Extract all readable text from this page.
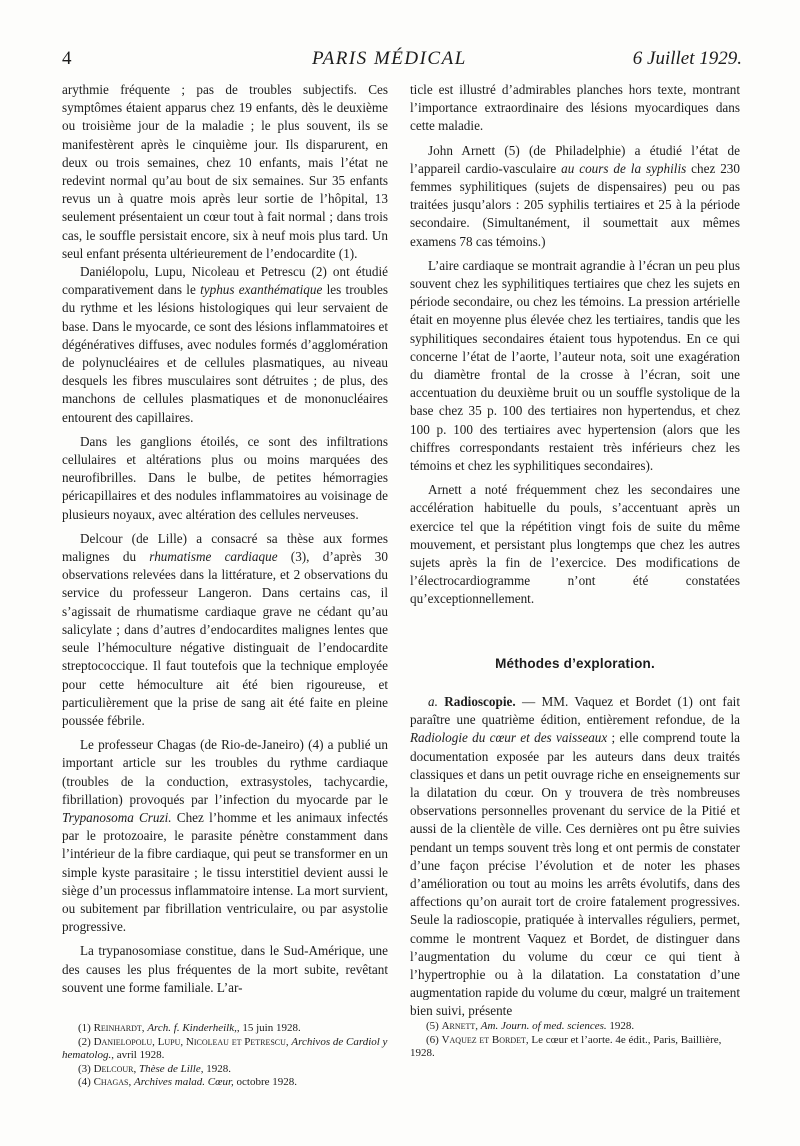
4	PARIS MÉDICAL	6 Juillet 1929.

arythmie fréquente ; pas de troubles subjectifs. Ces symptômes étaient apparus chez 19 enfants, dès le deuxième ou troisième jour de la maladie ; le plus souvent, ils se manifestèrent après le cinquième jour. Ils disparurent, en deux ou trois semaines, chez 10 enfants, mais l’état ne redevint normal qu’au bout de six semaines. Sur 35 enfants revus un à quatre mois après leur sortie de l’hôpital, 13 seulement présentaient un cœur tout à fait normal ; dans trois cas, le souffle persistait encore, six à neuf mois plus tard. Un seul enfant présenta ultérieurement de l’endocardite (1).

Daniélopolu, Lupu, Nicoleau et Petrescu (2) ont étudié comparativement dans le typhus exanthématique les troubles du rythme et les lésions histologiques qui leur servaient de base. Dans le myocarde, ce sont des lésions inflammatoires et dégénératives diffuses, avec nodules formés d’agglomération de polynucléaires et de cellules plasmatiques, au niveau desquels les fibres musculaires sont détruites ; de plus, des manchons de cellules plasmatiques et de mononucléaires entourent des capillaires.

Dans les ganglions étoilés, ce sont des infiltrations cellulaires et altérations plus ou moins marquées des neurofibrilles. Dans le bulbe, de petites hémorragies péricapillaires et des nodules inflammatoires au voisinage de plusieurs noyaux, avec altération des cellules nerveuses.

Delcour (de Lille) a consacré sa thèse aux formes malignes du rhumatisme cardiaque (3), d’après 30 observations relevées dans la littérature, et 2 observations du service du professeur Langeron. Dans certains cas, il s’agissait de rhumatisme cardiaque grave ne cédant qu’au salicylate ; dans d’autres d’endocardites malignes lentes que seule l’hémoculture négative distinguait de l’endocardite streptococcique. Il faut toutefois que la technique employée pour cette hémoculture ait été bien rigoureuse, et particulièrement que la prise de sang ait été faite en pleine poussée fébrile.

Le professeur Chagas (de Rio-de-Janeiro) (4) a publié un important article sur les troubles du rythme cardiaque (troubles de la conduction, extrasystoles, tachycardie, fibrillation) provoqués par l’infection du myocarde par le Trypanosoma Cruzi. Chez l’homme et les animaux infectés par le protozoaire, le parasite pénètre constamment dans l’intérieur de la fibre cardiaque, qui peut se transformer en un simple kyste parasitaire ; le tissu interstitiel devient aussi le siège d’un processus inflammatoire intense. La mort survient, ou subitement par fibrillation ventriculaire, ou par asystolie progressive.

La trypanosomiase constitue, dans le Sud-Amérique, une des causes les plus fréquentes de la mort subite, revêtant souvent une forme familiale. L’ar-

ticle est illustré d’admirables planches hors texte, montrant l’importance extraordinaire des lésions myocardiques dans cette maladie.

John Arnett (5) (de Philadelphie) a étudié l’état de l’appareil cardio-vasculaire au cours de la syphilis chez 230 femmes syphilitiques (sujets de dispensaires) peu ou pas traitées jusqu’alors : 205 syphilis tertiaires et 25 à la période secondaire. (Simultanément, il soumettait aux mêmes examens 78 cas témoins.)

L’aire cardiaque se montrait agrandie à l’écran un peu plus souvent chez les syphilitiques tertiaires que chez les sujets en période secondaire, ou chez les témoins. La pression artérielle était en moyenne plus élevée chez les tertiaires, tandis que les syphilitiques secondaires étaient tous hypotendus. En ce qui concerne l’état de l’aorte, l’auteur nota, soit une exagération du diamètre frontal de la crosse à l’écran, soit une accentuation du deuxième bruit ou un souffle systolique de la base chez 35 p. 100 des tertiaires non hypertendus, et chez 100 p. 100 des tertiaires avec hypertension (alors que les chiffres correspondants restaient très inférieurs chez les témoins et chez les syphilitiques secondaires).

Arnett a noté fréquemment chez les secondaires une accélération habituelle du pouls, s’accentuant après un exercice tel que la répétition vingt fois de suite du même mouvement, et persistant plus longtemps que chez les autres sujets après la fin de l’exercice. Des modifications de l’électrocardiogramme n’ont été constatées qu’exceptionnellement.

Méthodes d’exploration.

a. Radioscopie. — MM. Vaquez et Bordet (1) ont fait paraître une quatrième édition, entièrement refondue, de la Radiologie du cœur et des vaisseaux ; elle comprend toute la documentation exposée par les auteurs dans deux traités classiques et dans un petit ouvrage riche en enseignements sur la dilatation du cœur. On y trouvera de très nombreuses observations personnelles provenant du service de la Pitié et aussi de la clientèle de ville. Ces dernières ont pu être suivies pendant un temps souvent très long et ont permis de constater d’une façon précise l’évolution et de noter les phases d’amélioration ou tout au moins les arrêts évolutifs, dans des affections qu’on aurait tort de croire fatalement progressives. Seule la radioscopie, pratiquée à intervalles réguliers, permet, comme le montrent Vaquez et Bordet, de distinguer dans l’augmentation du volume du cœur ce qui tient à l’hypertrophie ou à la dilatation. La constatation d’une augmentation rapide du volume du cœur, malgré un traitement bien suivi, présente

(1) Reinhardt, Arch. f. Kinderheilk,, 15 juin 1928.
(2) Danielopolu, Lupu, Nicoleau et Petrescu, Archivos de Cardiol y hematolog., avril 1928.
(3) Delcour, Thèse de Lille, 1928.
(4) Chagas, Archives malad. Cœur, octobre 1928.
(5) Arnett, Am. Journ. of med. sciences. 1928.
(6) Vaquez et Bordet, Le cœur et l’aorte. 4e édit., Paris, Baillière, 1928.
